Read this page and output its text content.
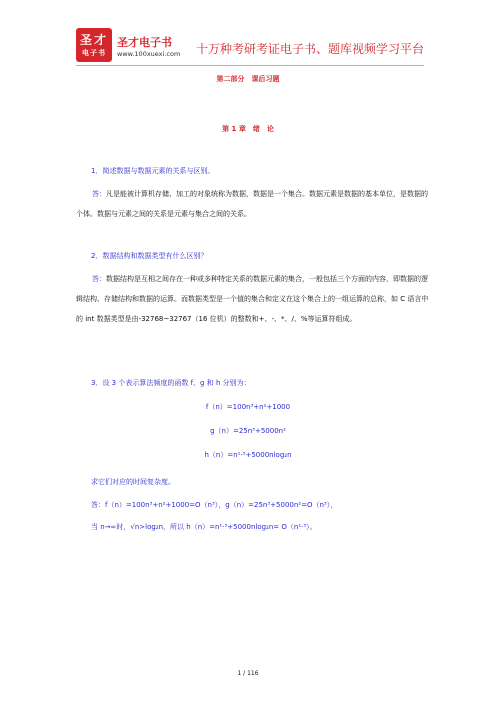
圣才
电子书
圣才电子书
www.100xuexi.com 十万种考研考证电子书、题库视频学习平台
第二部分　课后习题
第 1 章　绪　论
1．简述数据与数据元素的关系与区别。
答：凡是能被计算机存储、加工的对象统称为数据，数据是一个集合。数据元素是数据的基本单位，是数据的个体。数据与元素之间的关系是元素与集合之间的关系。
2．数据结构和数据类型有什么区别？
答：数据结构是互相之间存在一种或多种特定关系的数据元素的集合，一般包括三个方面的内容，即数据的逻辑结构、存储结构和数据的运算。而数据类型是一个值的集合和定义在这个集合上的一组运算的总称，如 C 语言中的 int 数据类型是由-32768~32767（16 位机）的整数和+、-、*、/、%等运算符组成。
3．设 3 个表示算法频度的函数 f、g 和 h 分别为：
f（n）=100n³+n²+1000
g（n）=25n³+5000n²
h（n）=n¹·⁵+5000nlog₂n
求它们对应的时间复杂度。
答：f（n）=100n³+n²+1000=O（n³），g（n）=25n³+5000n²=O（n³），
当 n→∞时，√n>log₂n，所以 h（n）=n¹·⁵+5000nlog₂n= O（n¹·⁵）。
1 / 116
